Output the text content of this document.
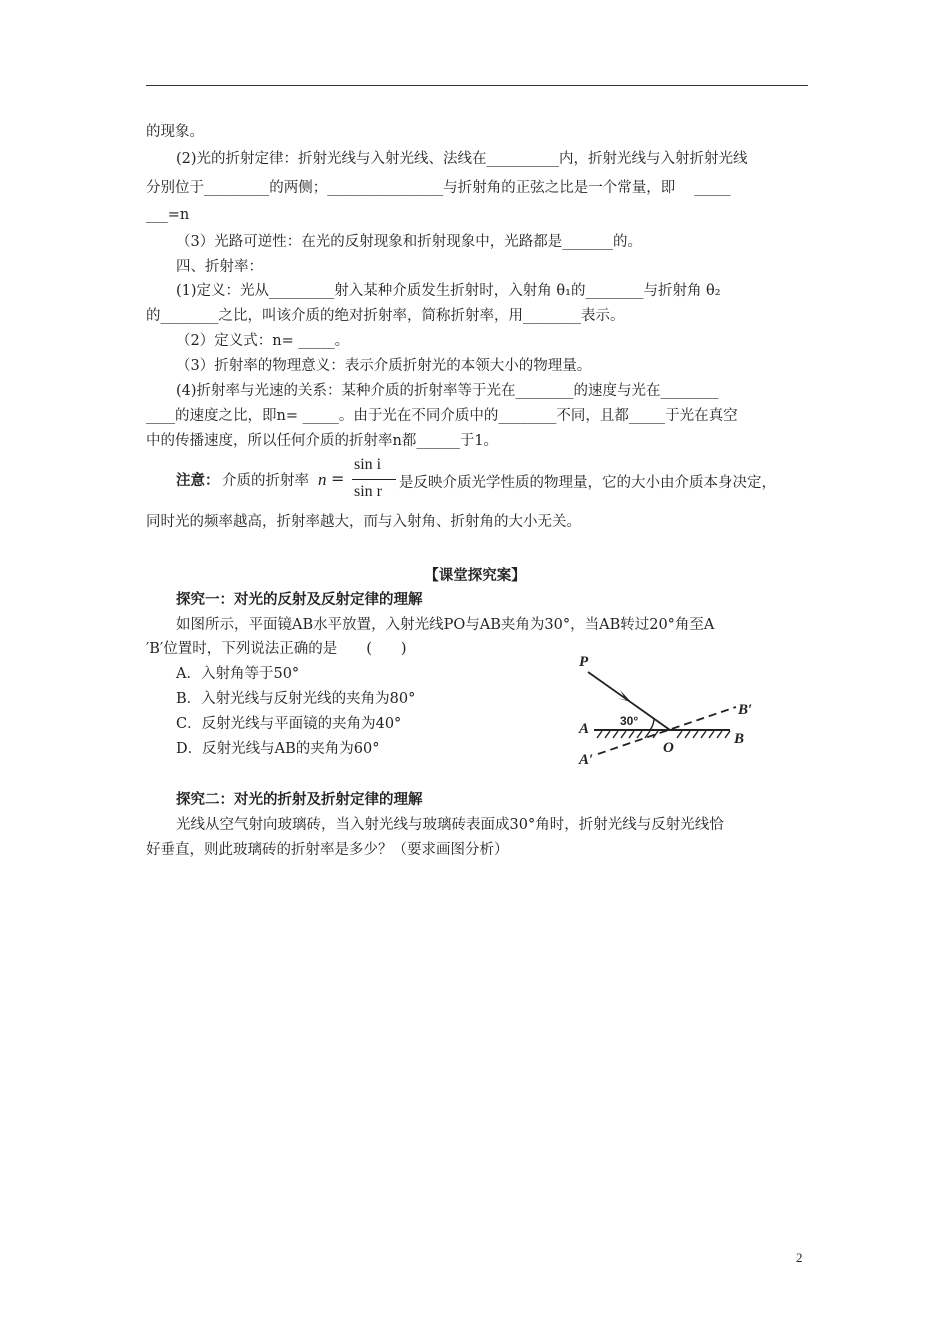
的现象。
(2)光的折射定律：折射光线与入射光线、法线在__________内，折射光线与入射折射光线
分别位于_________的两侧；________________与折射角的正弦之比是一个常量，即　 _____
___=n
（3）光路可逆性：在光的反射现象和折射现象中，光路都是_______的。
四、折射率：
(1)定义：光从_________射入某种介质发生折射时，入射角 θ₁的________与折射角 θ₂
的________之比，叫该介质的绝对折射率，简称折射率，用________表示。
（2）定义式：n= _____。
（3）折射率的物理意义：表示介质折射光的本领大小的物理量。
(4)折射率与光速的关系：某种介质的折射率等于光在________的速度与光在________
____的速度之比，即n= _____。由于光在不同介质中的________不同，且都_____于光在真空
中的传播速度，所以任何介质的折射率n都______于1。
注意： 介质的折射率 n =
sin i
sin r 是反映介质光学性质的物理量，它的大小由介质本身决定，
同时光的频率越高，折射率越大，而与入射角、折射角的大小无关。
【课堂探究案】
探究一：对光的反射及反射定律的理解
如图所示，平面镜AB水平放置，入射光线PO与AB夹角为30°，当AB转过20°角至A
′B′位置时，下列说法正确的是　　(　　)
A．入射角等于50°
B．入射光线与反射光线的夹角为80°
C．反射光线与平面镜的夹角为40°
D．反射光线与AB的夹角为60°
P
A
A′
B
B′
O
30°
探究二：对光的折射及折射定律的理解
光线从空气射向玻璃砖，当入射光线与玻璃砖表面成30°角时，折射光线与反射光线恰
好垂直，则此玻璃砖的折射率是多少？（要求画图分析）
2
